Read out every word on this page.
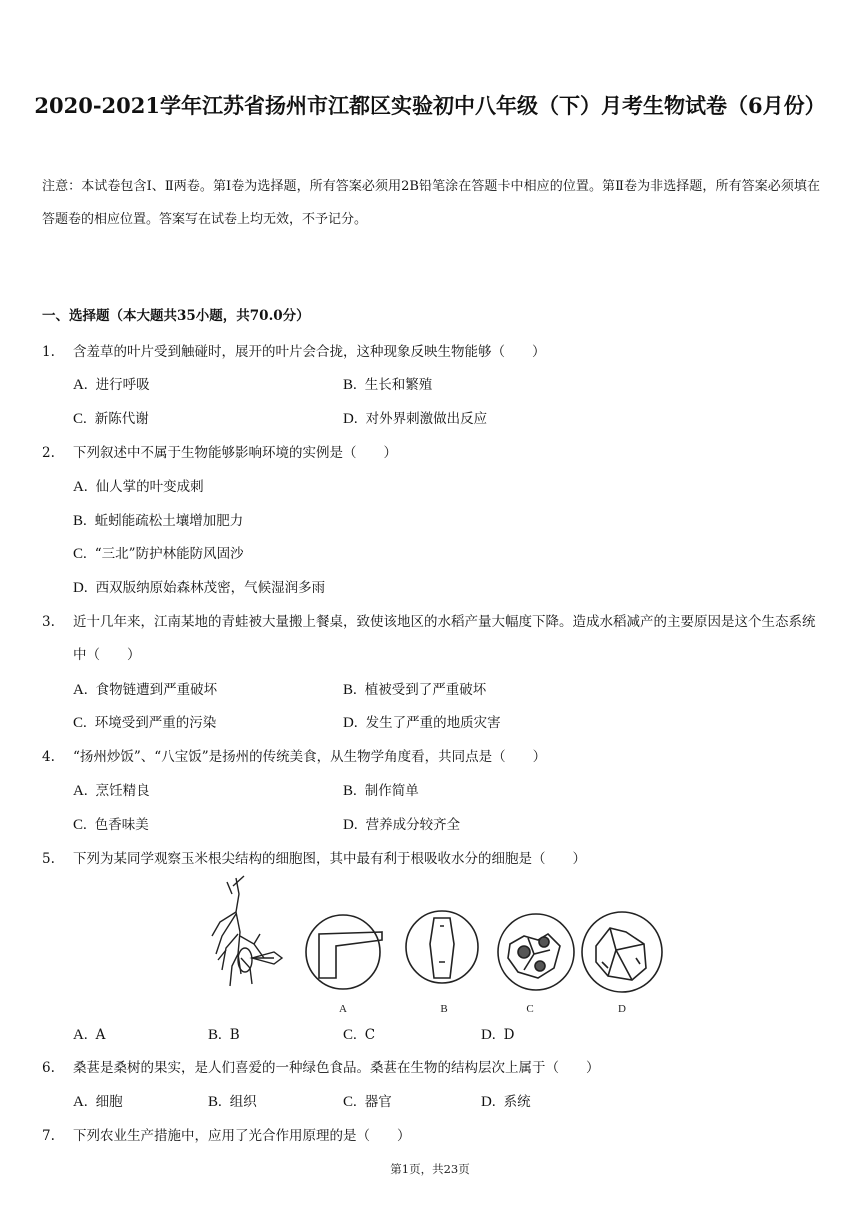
2020-2021学年江苏省扬州市江都区实验初中八年级（下）月考生物试卷（6月份）
注意：本试卷包含Ⅰ、Ⅱ两卷。第Ⅰ卷为选择题，所有答案必须用2B铅笔涂在答题卡中相应的位置。第Ⅱ卷为非选择题，所有答案必须填在答题卷的相应位置。答案写在试卷上均无效，不予记分。
一、选择题（本大题共35小题，共70.0分）
1. 含羞草的叶片受到触碰时，展开的叶片会合拢，这种现象反映生物能够（　　）
A. 进行呼吸	B. 生长和繁殖
C. 新陈代谢	D. 对外界刺激做出反应
2. 下列叙述中不属于生物能够影响环境的实例是（　　）
A. 仙人掌的叶变成刺
B. 蚯蚓能疏松土壤增加肥力
C. “三北”防护林能防风固沙
D. 西双版纳原始森林茂密，气候湿润多雨
3. 近十几年来，江南某地的青蛙被大量搬上餐桌，致使该地区的水稻产量大幅度下降。造成水稻减产的主要原因是这个生态系统中（　　）
A. 食物链遭到严重破坏	B. 植被受到了严重破坏
C. 环境受到严重的污染	D. 发生了严重的地质灾害
4. “扬州炒饭”、“八宝饭”是扬州的传统美食，从生物学角度看，共同点是（　　）
A. 烹饪精良	B. 制作简单
C. 色香味美	D. 营养成分较齐全
5. 下列为某同学观察玉米根尖结构的细胞图，其中最有利于根吸收水分的细胞是（　　）
A	B	C	D
A. A	B. B	C. C	D. D
6. 桑葚是桑树的果实，是人们喜爱的一种绿色食品。桑葚在生物的结构层次上属于（　　）
A. 细胞	B. 组织	C. 器官	D. 系统
7. 下列农业生产措施中，应用了光合作用原理的是（　　）
第1页，共23页
